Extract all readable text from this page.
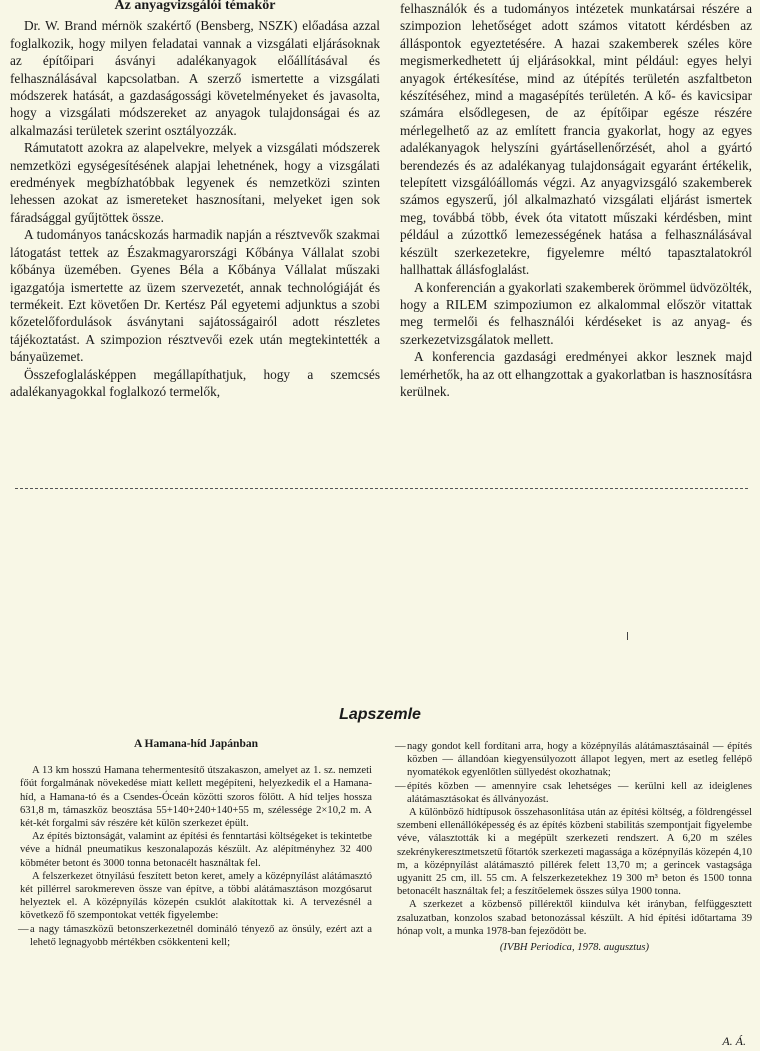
Az anyagvizsgálói témakör

Dr. W. Brand mérnök szakértő (Bensberg, NSZK) előadása azzal foglalkozik, hogy milyen feladatai vannak a vizsgálati eljárásoknak az építőipari ásványi adalékanyagok előállításával és felhasználásával kapcsolatban. A szerző ismertette a vizsgálati módszerek hatását, a gazdaságossági követelményeket és javasolta, hogy a vizsgálati módszereket az anyagok tulajdonságai és az alkalmazási területek szerint osztályozzák.

Rámutatott azokra az alapelvekre, melyek a vizsgálati módszerek nemzetközi egységesítésének alapjai lehetnének, hogy a vizsgálati eredmények megbízhatóbbak legyenek és nemzetközi szinten lehessen azokat az ismereteket hasznosítani, melyeket igen sok fáradsággal gyűjtöttek össze.

A tudományos tanácskozás harmadik napján a résztvevők szakmai látogatást tettek az Északmagyarországi Kőbánya Vállalat szobi kőbánya üzemében. Gyenes Béla a Kőbánya Vállalat műszaki igazgatója ismertette az üzem szervezetét, annak technológiáját és termékeit. Ezt követően Dr. Kertész Pál egyetemi adjunktus a szobi kőzetelőfordulások ásványtani sajátosságairól adott részletes tájékoztatást. A szimpozion résztvevői ezek után megtekintették a bányaüzemet.

Összefoglalásképpen megállapíthatjuk, hogy a szemcsés adalékanyagokkal foglalkozó termelők,

felhasználók és a tudományos intézetek munkatársai részére a szimpozion lehetőséget adott számos vitatott kérdésben az álláspontok egyeztetésére. A hazai szakemberek széles köre megismerkedhetett új eljárásokkal, mint például: egyes helyi anyagok értékesítése, mind az útépítés területén aszfaltbeton készítéséhez, mind a magasépítés területén. A kő- és kavicsipar számára elsődlegesen, de az építőipar egésze részére mérlegelhető az az említett francia gyakorlat, hogy az egyes adalékanyagok helyszíni gyártásellenőrzését, ahol a gyártó berendezés és az adalékanyag tulajdonságait egyaránt értékelik, telepített vizsgálóállomás végzi. Az anyagvizsgáló szakemberek számos egyszerű, jól alkalmazható vizsgálati eljárást ismertek meg, továbbá több, évek óta vitatott műszaki kérdésben, mint például a zúzottkő lemezességének hatása a felhasználásával készült szerkezetekre, figyelemre méltó tapasztalatokról hallhattak állásfoglalást.

A konferencián a gyakorlati szakemberek örömmel üdvözölték, hogy a RILEM szimpoziumon ez alkalommal először vitattak meg termelői és felhasználói kérdéseket is az anyag- és szerkezetvizsgálatok mellett.

A konferencia gazdasági eredményei akkor lesznek majd lemérhetők, ha az ott elhangzottak a gyakorlatban is hasznosításra kerülnek.

Lapszemle
A Hamana-híd Japánban

A 13 km hosszú Hamana tehermentesítő útszakaszon, amelyet az 1. sz. nemzeti főút forgalmának növekedése miatt kellett megépíteni, helyezkedik el a Hamana-híd, a Hamana-tó és a Csendes-Óceán közötti szoros fölött. A híd teljes hossza 631,8 m, támaszköz beosztása 55+140+240+140+55 m, szélessége 2×10,2 m. A két-két forgalmi sáv részére két külön szerkezet épült.

Az építés biztonságát, valamint az építési és fenntartási költségeket is tekintetbe véve a hídnál pneumatikus keszonalapozás készült. Az alépítményhez 32 400 köbméter betont és 3000 tonna betonacélt használtak fel.

A felszerkezet ötnyílású feszített beton keret, amely a középnyílást alátámasztó két pillérrel sarokmereven össze van építve, a többi alátámasztáson mozgósarut helyeztek el. A középnyílás közepén csuklót alakítottak ki. A tervezésnél a következő fő szempontokat vették figyelembe:

— a nagy támaszközű betonszerkezetnél domináló tényező az önsúly, ezért azt a lehető legnagyobb mértékben csökkenteni kell;

— nagy gondot kell fordítani arra, hogy a középnyílás alátámasztásainál — építés közben — állandóan kiegyensúlyozott állapot legyen, mert az esetleg fellépő nyomatékok egyenlőtlen süllyedést okozhatnak;

— építés közben — amennyire csak lehetséges — kerülni kell az ideiglenes alátámasztásokat és állványozást.

A különböző hídtípusok összehasonlítása után az építési költség, a földrengéssel szembeni ellenállóképesség és az építés közbeni stabilitás szempontjait figyelembe véve, választották ki a megépült szerkezeti rendszert. A 6,20 m széles szekrénykeresztmetszetű főtartók szerkezeti magassága a középnyílás közepén 4,10 m, a középnyílást alátámasztó pillérek felett 13,70 m; a gerincek vastagsága ugyanitt 25 cm, ill. 55 cm. A felszerkezetekhez 19 300 m³ beton és 1500 tonna betonacélt használtak fel; a feszítőelemek összes súlya 1900 tonna.

A szerkezet a közbenső pillérektől kiindulva két irányban, felfüggesztett zsaluzatban, konzolos szabad betonozással készült. A híd építési időtartama 39 hónap volt, a munka 1978-ban fejeződött be.

(IVBH Periodica, 1978. augusztus)
A. Á.
